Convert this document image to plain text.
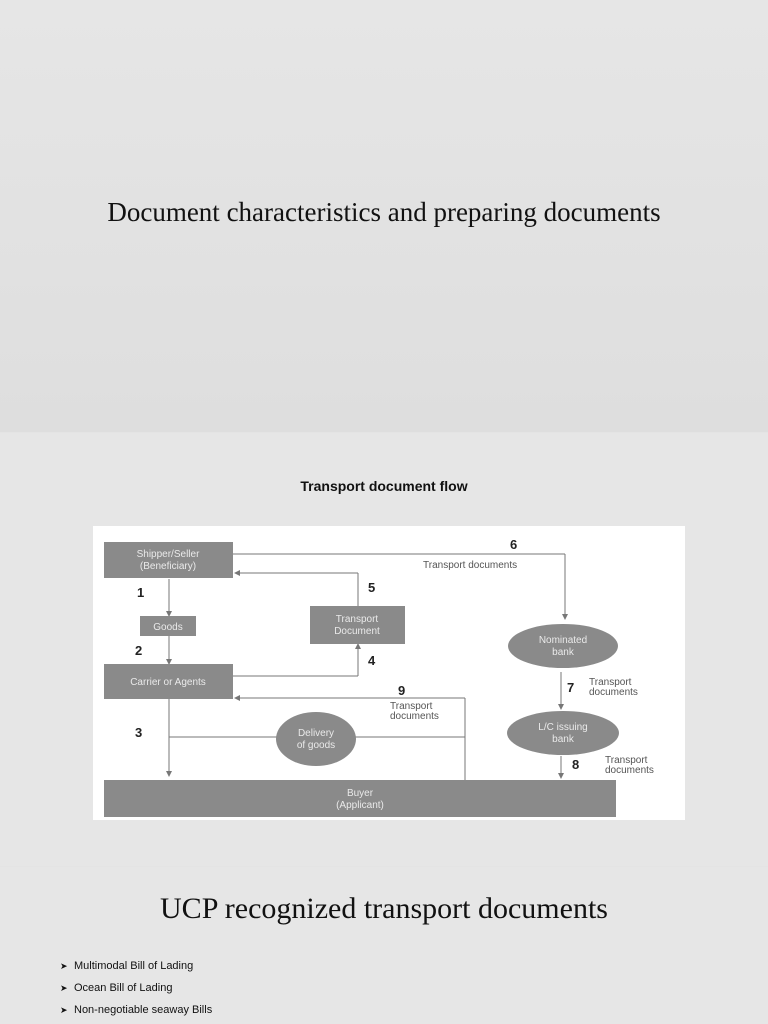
Document characteristics and preparing documents
Transport document flow
Shipper/Seller
(Beneficiary)
Goods
Transport
Document
Carrier or Agents
Nominated
bank
Delivery
of goods
L/C issuing
bank
Buyer
(Applicant)
1
2
3
4
5
6
7
8
9
Transport documents
Transport
documents
Transport
documents
Transport
documents
UCP recognized transport documents
➤ Multimodal Bill of Lading
➤ Ocean Bill of Lading
➤ Non-negotiable seaway Bills
